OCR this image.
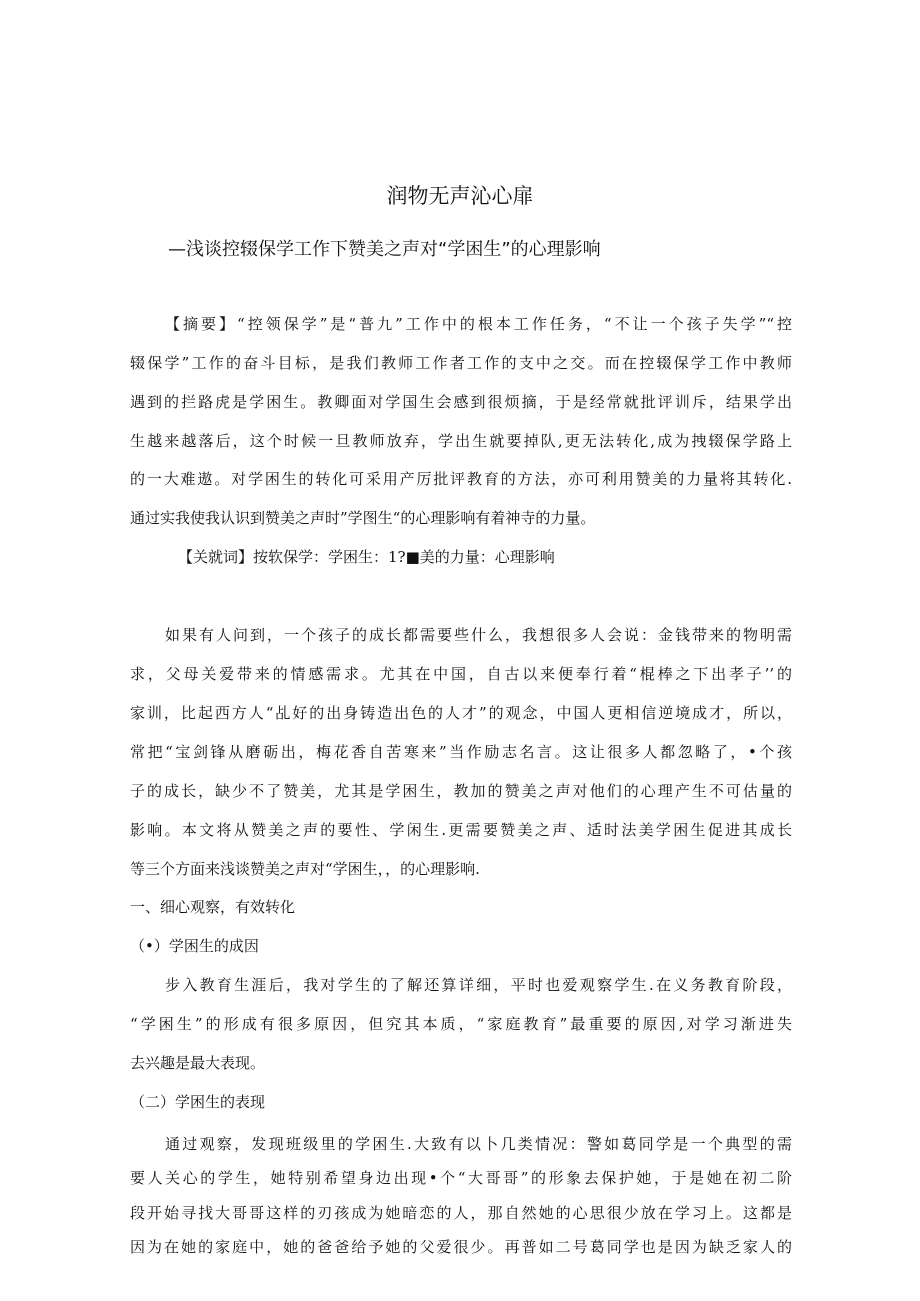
润物无声沁心扉
—浅谈控辍保学工作下赞美之声对“学困生”的心理影响
【摘要】“控领保学”是“普九”工作中的根本工作任务，“不让一个孩子失学”“控
辍保学”工作的奋斗目标，是我们教师工作者工作的支中之交。而在控辍保学工作中教师
遇到的拦路虎是学困生。教卿面对学国生会感到很烦摘，于是经常就批评训斥，结果学出
生越来越落后，这个时候一旦教师放弃，学出生就要掉队,更无法转化,成为拽辍保学路上
的一大难遨。对学困生的转化可采用产厉批评教育的方法，亦可利用赞美的力量将其转化.
通过实我使我认识到赞美之声时”学图生“的心理影响有着神寺的力量。
【关就词】按软保学：学困生：1?■美的力量：心理影响
如果有人问到，一个孩子的成长都需要些什么，我想很多人会说：金钱带来的物明需
求，父母关爱带来的情感需求。尤其在中国，自古以来便奉行着“棍棒之下出孝子’’的
家训，比起西方人“乩好的出身铸造出色的人才”的观念，中国人更相信逆境成才，所以，
常把“宝剑锋从磨砺出，梅花香自苦寒来”当作励志名言。这让很多人都忽略了，•个孩
子的成长，缺少不了赞美，尤其是学困生，教加的赞美之声对他们的心理产生不可估量的
影响。本文将从赞美之声的要性、学闲生.更需要赞美之声、适时法美学困生促进其成长
等三个方面来浅谈赞美之声对“学困生，，的心理影响.
一、细心观察，有效转化
（•）学困生的成因
步入教育生涯后，我对学生的了解还算详细，平时也爱观察学生.在义务教育阶段，
“学困生”的形成有很多原因，但究其本质，“家庭教育”最重要的原因,对学习渐进失
去兴趣是最大表现。
（二）学困生的表现
通过观察，发现班级里的学困生.大致有以卜几类情况：警如葛同学是一个典型的需
要人关心的学生，她特别希望身边出现•个“大哥哥”的形象去保护她，于是她在初二阶
段开始寻找大哥哥这样的刃孩成为她暗恋的人，那自然她的心思很少放在学习上。这都是
因为在她的家庭中，她的爸爸给予她的父爱很少。再普如二号葛同学也是因为缺乏家人的
